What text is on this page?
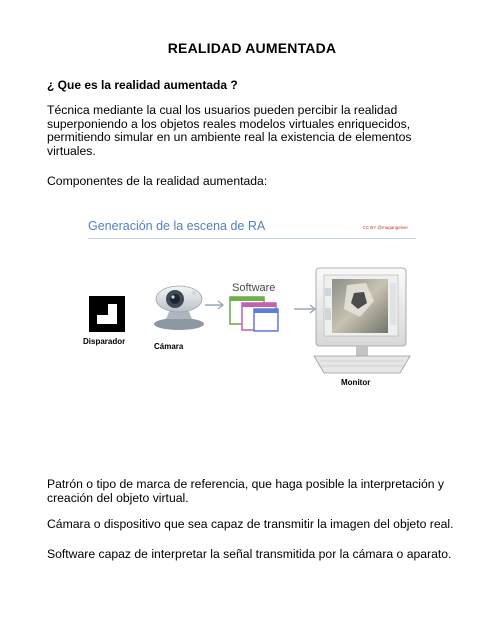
REALIDAD AUMENTADA
¿ Que es la realidad aumentada ?
Técnica mediante la cual los usuarios pueden percibir la realidad
superponiendo a los objetos reales modelos virtuales enriquecidos,
permitiendo simular en un ambiente real la existencia de elementos
virtuales.
Componentes de la realidad aumentada:
Generación de la escena de RA	CC BY @magangelver
Software
Disparador
Cámara
Monitor
Patrón o tipo de marca de referencia, que haga posible la interpretación y
creación del objeto virtual.
Cámara o dispositivo que sea capaz de transmitir la imagen del objeto real.
Software capaz de interpretar la señal transmitida por la cámara o aparato.
